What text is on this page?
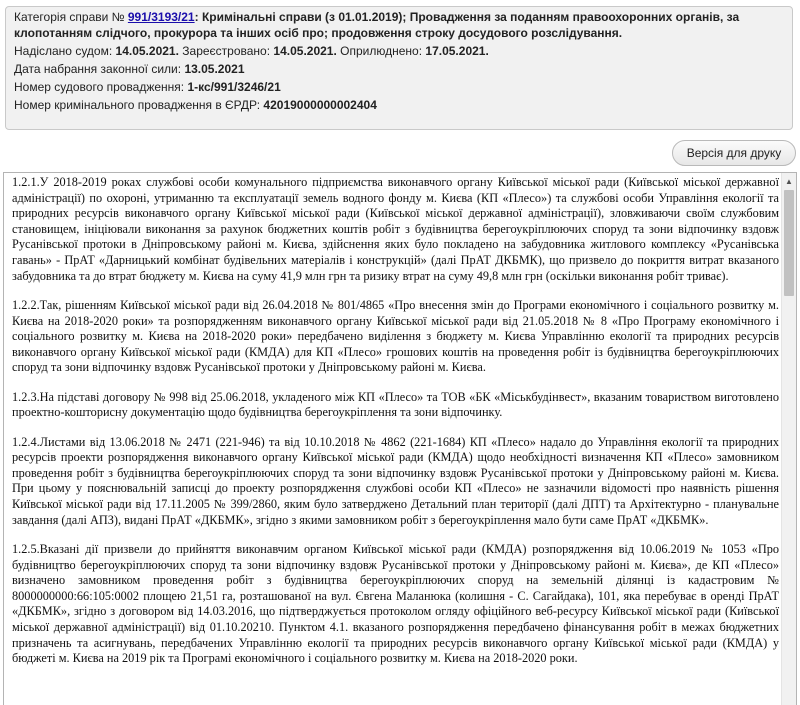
Категорія справи № 991/3193/21: Кримінальні справи (з 01.01.2019); Провадження за поданням правоохоронних органів, за клопотанням слідчого, прокурора та інших осіб про; продовження строку досудового розслідування.
Надіслано судом: 14.05.2021. Зареєстровано: 14.05.2021. Оприлюднено: 17.05.2021.
Дата набрання законної сили: 13.05.2021
Номер судового провадження: 1-кс/991/3246/21
Номер кримінального провадження в ЄРДР: 42019000000002404
Версія для друку

1.2.1.У 2018-2019 роках службові особи комунального підприємства виконавчого органу Київської міської ради (Київської міської державної адміністрації) по охороні, утриманню та експлуатації земель водного фонду м. Києва (КП «Плесо») та службові особи Управління екології та природних ресурсів виконавчого органу Київської міської ради (Київської міської державної адміністрації), зловживаючи своїм службовим становищем, ініціювали виконання за рахунок бюджетних коштів робіт з будівництва берегоукріплюючих споруд та зони відпочинку вздовж Русанівської протоки в Дніпровському районі м. Києва, здійснення яких було покладено на забудовника житлового комплексу «Русанівська гавань» - ПрАТ «Дарницький комбінат будівельних матеріалів і конструкцій» (далі ПрАТ ДКБМК), що призвело до покриття витрат вказаного забудовника та до втрат бюджету м. Києва на суму 41,9 млн грн та ризику втрат на суму 49,8 млн грн (оскільки виконання робіт триває).

1.2.2.Так, рішенням Київської міської ради від 26.04.2018 № 801/4865 «Про внесення змін до Програми економічного і соціального розвитку м. Києва на 2018-2020 роки» та розпорядженням виконавчого органу Київської міської ради від 21.05.2018 № 8 «Про Програму економічного і соціального розвитку м. Києва на 2018-2020 роки» передбачено виділення з бюджету м. Києва Управлінню екології та природних ресурсів виконавчого органу Київської міської ради (КМДА) для КП «Плесо» грошових коштів на проведення робіт із будівництва берегоукріплюючих споруд та зони відпочинку вздовж Русанівської протоки у Дніпровському районі м. Києва.

1.2.3.На підставі договору № 998 від 25.06.2018, укладеного між КП «Плесо» та ТОВ «БК «Міськбудінвест», вказаним товариством виготовлено проектно-кошторисну документацію щодо будівництва берегоукріплення та зони відпочинку.

1.2.4.Листами від 13.06.2018 № 2471 (221-946) та від 10.10.2018 № 4862 (221-1684) КП «Плесо» надало до Управління екології та природних ресурсів проекти розпорядження виконавчого органу Київської міської ради (КМДА) щодо необхідності визначення КП «Плесо» замовником проведення робіт з будівництва берегоукріплюючих споруд та зони відпочинку вздовж Русанівської протоки у Дніпровському районі м. Києва. При цьому у пояснювальній записці до проекту розпорядження службові особи КП «Плесо» не зазначили відомості про наявність рішення Київської міської ради від 17.11.2005 № 399/2860, яким було затверджено Детальний план території (далі ДПТ) та Архітектурно - планувальне завдання (далі АПЗ), видані ПрАТ «ДКБМК», згідно з якими замовником робіт з берегоукріплення мало бути саме ПрАТ «ДКБМК».

1.2.5.Вказані дії призвели до прийняття виконавчим органом Київської міської ради (КМДА) розпорядження від 10.06.2019 № 1053 «Про будівництво берегоукріплюючих споруд та зони відпочинку вздовж Русанівської протоки у Дніпровському районі м. Києва», де КП «Плесо» визначено замовником проведення робіт з будівництва берегоукріплюючих споруд на земельній ділянці із кадастровим № 8000000000:66:105:0002 площею 21,51 га, розташованої на вул. Євгена Маланюка (колишня - С. Сагайдака), 101, яка перебуває в оренді ПрАТ «ДКБМК», згідно з договором від 14.03.2016, що підтверджується протоколом огляду офіційного веб-ресурсу Київської міської ради (Київської міської державної адміністрації) від 01.10.20210. Пунктом 4.1. вказаного розпорядження передбачено фінансування робіт в межах бюджетних призначень та асигнувань, передбачених Управлінню екології та природних ресурсів виконавчого органу Київської міської ради (КМДА) у бюджеті м. Києва на 2019 рік та Програмі економічного і соціального розвитку м. Києва на 2018-2020 роки.

▲
